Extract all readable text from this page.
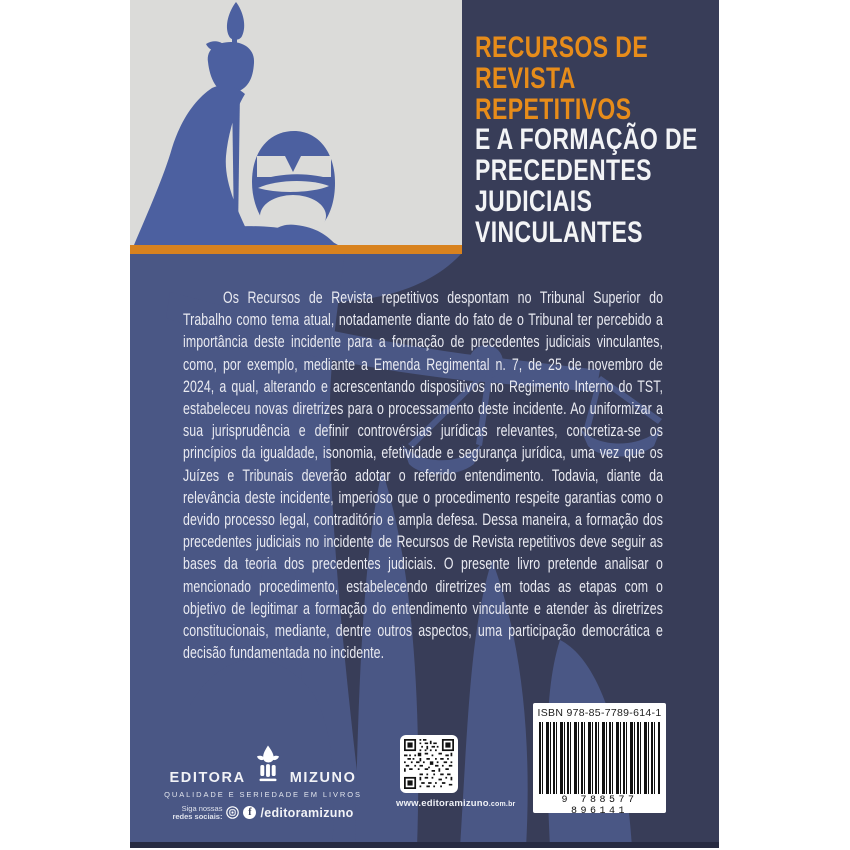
RECURSOS DE
REVISTA
REPETITIVOS
E A FORMAÇÃO DE
PRECEDENTES
JUDICIAIS
VINCULANTES

Os Recursos de Revista repetitivos despontam no Tribunal Superior do Trabalho como tema atual, notadamente diante do fato de o Tribunal ter percebido a importância deste incidente para a formação de precedentes judiciais vinculantes, como, por exemplo, mediante a Emenda Regimental n. 7, de 25 de novembro de 2024, a qual, alterando e acrescentando dispositivos no Regimento Interno do TST, estabeleceu novas diretrizes para o processamento deste incidente. Ao uniformizar a sua jurisprudência e definir controvérsias jurídicas relevantes, concretiza-se os princípios da igualdade, isonomia, efetividade e segurança jurídica, uma vez que os Juízes e Tribunais deverão adotar o referido entendimento. Todavia, diante da relevância deste incidente, imperioso que o procedimento respeite garantias como o devido processo legal, contraditório e ampla defesa. Dessa maneira, a formação dos precedentes judiciais no incidente de Recursos de Revista repetitivos deve seguir as bases da teoria dos precedentes judiciais. O presente livro pretende analisar o mencionado procedimento, estabelecendo diretrizes em todas as etapas com o objetivo de legitimar a formação do entendimento vinculante e atender às diretrizes constitucionais, mediante, dentre outros aspectos, uma participação democrática e decisão fundamentada no incidente.

EDITORA	MIZUNO
QUALIDADE E SERIEDADE EM LIVROS
Siga nossas
redes sociais:	f /editoramizuno
www.editoramizuno.com.br
ISBN 978-85-7789-614-1
9 788577 896141
